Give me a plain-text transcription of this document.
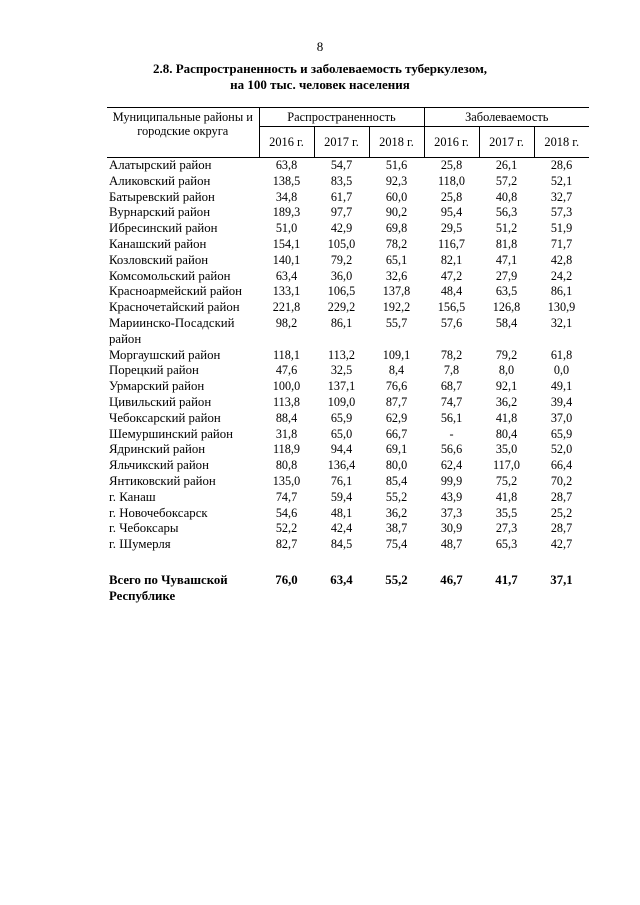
8
2.8. Распространенность и заболеваемость туберкулезом,
на 100 тыс. человек населения
Муниципальные районы и городские округа	Распространенность			Заболеваемость		
	2016 г.	2017 г.	2018 г.	2016 г.	2017 г.	2018 г.
Алатырский район	63,8	54,7	51,6	25,8	26,1	28,6
Аликовский район	138,5	83,5	92,3	118,0	57,2	52,1
Батыревский район	34,8	61,7	60,0	25,8	40,8	32,7
Вурнарский район	189,3	97,7	90,2	95,4	56,3	57,3
Ибресинский район	51,0	42,9	69,8	29,5	51,2	51,9
Канашский район	154,1	105,0	78,2	116,7	81,8	71,7
Козловский район	140,1	79,2	65,1	82,1	47,1	42,8
Комсомольский район	63,4	36,0	32,6	47,2	27,9	24,2
Красноармейский район	133,1	106,5	137,8	48,4	63,5	86,1
Красночетайский район	221,8	229,2	192,2	156,5	126,8	130,9
Мариинско-Посадский район	98,2	86,1	55,7	57,6	58,4	32,1
Моргаушский район	118,1	113,2	109,1	78,2	79,2	61,8
Порецкий район	47,6	32,5	8,4	7,8	8,0	0,0
Урмарский район	100,0	137,1	76,6	68,7	92,1	49,1
Цивильский район	113,8	109,0	87,7	74,7	36,2	39,4
Чебоксарский район	88,4	65,9	62,9	56,1	41,8	37,0
Шемуршинский район	31,8	65,0	66,7	-	80,4	65,9
Ядринский район	118,9	94,4	69,1	56,6	35,0	52,0
Яльчикский район	80,8	136,4	80,0	62,4	117,0	66,4
Янтиковский район	135,0	76,1	85,4	99,9	75,2	70,2
г. Канаш	74,7	59,4	55,2	43,9	41,8	28,7
г. Новочебоксарск	54,6	48,1	36,2	37,3	35,5	25,2
г. Чебоксары	52,2	42,4	38,7	30,9	27,3	28,7
г. Шумерля	82,7	84,5	75,4	48,7	65,3	42,7

Всего по Чувашской Республике	76,0	63,4	55,2	46,7	41,7	37,1
